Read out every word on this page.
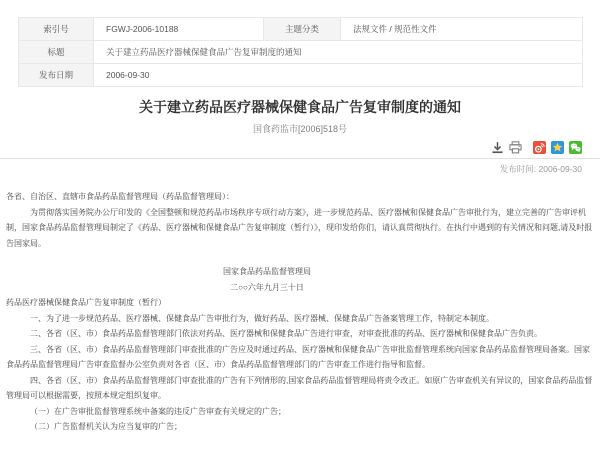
索引号	FGWJ-2006-10188	主题分类	法规文件 / 规范性文件
标题	关于建立药品医疗器械保健食品广告复审制度的通知		
发布日期	2006-09-30		
关于建立药品医疗器械保健食品广告复审制度的通知
国食药监市[2006]518号
发布时间: 2006-09-30

各省、自治区、直辖市食品药品监督管理局（药品监督管理局）：

为贯彻落实国务院办公厅印发的《全国整顿和规范药品市场秩序专项行动方案》，进一步规范药品、医疗器械和保健食品广告审批行为，建立完善的广告审评机制，国家食品药品监督管理局制定了《药品、医疗器械和保健食品广告复审制度（暂行）》，现印发给你们，请认真贯彻执行。在执行中遇到的有关情况和问题,请及时报告国家局。

国家食品药品监督管理局

二○○六年九月三十日

药品医疗器械保健食品广告复审制度（暂行）

一、为了进一步规范药品、医疗器械、保健食品广告审批行为，做好药品、医疗器械、保健食品广告备案管理工作，特制定本制度。

二、各省（区、市）食品药品监督管理部门依法对药品、医疗器械和保健食品广告进行审查，对审查批准的药品、医疗器械和保健食品广告负责。

三、各省（区、市）食品药品监督管理部门审查批准的广告应及时通过药品、医疗器械和保健食品广告审批监督管理系统向国家食品药品监督管理局备案。国家食品药品监督管理局广告审查监督办公室负责对各省（区、市）食品药品监督管理部门的广告审查工作进行指导和监督。

四、各省（区、市）食品药品监督管理部门审查批准的广告有下列情形的,国家食品药品监督管理局将责令改正。如原广告审查机关有异议的，国家食品药品监督管理局可以根据需要，按照本规定组织复审。

（一）在广告审批监督管理系统中备案的违反广告审查有关规定的广告；

（二）广告监督机关认为应当复审的广告；
